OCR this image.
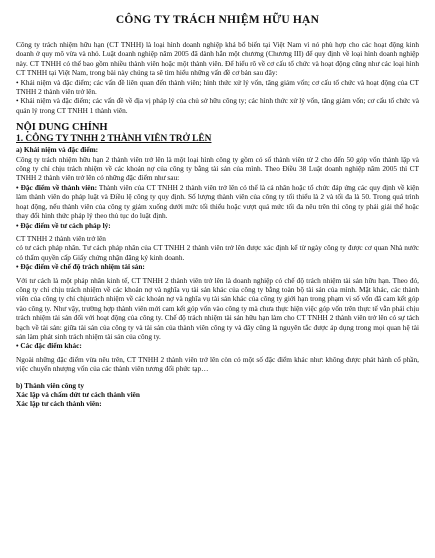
CÔNG TY TRÁCH NHIỆM HỮU HẠN

Công ty trách nhiệm hữu hạn (CT TNHH) là loại hình doanh nghiệp khá bổ biến tại Việt Nam vì nó phù hợp cho các hoạt động kinh doanh ở quy mô vừa và nhỏ. Luật doanh nghiệp năm 2005 đã dành hẳn một chương (Chương III) để quy định về loại hình doanh nghiệp này. CT TNHH có thể bao gồm nhiều thành viên hoặc một thành viên. Để hiểu rõ về cơ cấu tổ chức và hoạt động cũng như các loại hình CT TNHH tại Việt Nam, trong bài này chúng ta sẽ tìm hiểu những vấn đề cơ bản sau đây:

• Khái niệm và đặc điểm; các vấn đề liên quan đến thành viên; hình thức xử lý vốn, tăng giảm vốn; cơ cấu tổ chức và hoạt động của CT TNHH 2 thành viên trở lên.

• Khái niệm và đặc điểm; các vấn đề về địa vị pháp lý của chủ sở hữu công ty; các hình thức xử lý vốn, tăng giảm vốn; cơ cấu tổ chức và quản lý trong CT TNHH 1 thành viên.

NỘI DUNG CHÍNH
1. CÔNG TY TNHH 2 THÀNH VIÊN TRỞ LÊN

a) Khái niệm và đặc điểm:

Công ty trách nhiệm hữu hạn 2 thành viên trở lên là một loại hình công ty gồm có số thành viên từ 2 cho đến 50 góp vốn thành lập và công ty chỉ chịu trách nhiệm về các khoản nợ của công ty bằng tài sản của mình. Theo Điều 38 Luật doanh nghiệp năm 2005 thì CT TNHH 2 thành viên trở lên có những đặc điểm như sau:

• Đặc điểm về thành viên: Thành viên của CT TNHH 2 thành viên trở lên có thể là cá nhân hoặc tổ chức đáp ứng các quy định về kiện làm thành viên do pháp luật và Điều lệ công ty quy định. Số lượng thành viên của công ty tối thiểu là 2 và tối đa là 50. Trong quá trình hoạt động, nếu thành viên của công ty giảm xuống dưới mức tối thiểu hoặc vượt quá mức tối đa nêu trên thì công ty phải giải thể hoặc thay đổi hình thức pháp lý theo thủ tục do luật định.

• Đặc điểm về tư cách pháp lý:

CT TNHH 2 thành viên trở lên

có tư cách pháp nhân. Tư cách pháp nhân của CT TNHH 2 thành viên trở lên được xác định kể từ ngày công ty được cơ quan Nhà nước có thẩm quyền cấp Giấy chứng nhận đăng ký kinh doanh.

• Đặc điểm về chế độ trách nhiệm tài sản:

Với tư cách là một pháp nhân kinh tế, CT TNHH 2 thành viên trở lên là doanh nghiệp có chế độ trách nhiệm tài sản hữu hạn. Theo đó, công ty chỉ chịu trách nhiệm về các khoản nợ và nghĩa vụ tài sản khác của công ty bằng toàn bộ tài sản của mình. Mặt khác, các thành viên của công ty chỉ chịutrách nhiệm về các khoản nợ và nghĩa vụ tài sản khác của công ty giới hạn trong phạm vi số vốn đã cam kết góp vào công ty. Như vậy, trường hợp thành viên mới cam kết góp vốn vào công ty mà chưa thực hiện việc góp vốn trên thực tế vẫn phải chịu trách nhiệm tài sản đối với hoạt động của công ty. Chế độ trách nhiệm tài sản hữu hạn làm cho CT TNHH 2 thành viên trở lên có sự tách bạch về tài sản: giữa tài sản của công ty và tài sản của thành viên công ty và đây cũng là nguyên tắc được áp dụng trong mọi quan hệ tài sản làm phát sinh trách nhiệm tài sản của công ty.

• Các đặc điểm khác:

Ngoài những đặc điểm vừa nêu trên, CT TNHH 2 thành viên trở lên còn có một số đặc điểm khác như: không được phát hành cổ phần, việc chuyển nhượng vốn của các thành viên tương đối phức tạp…

b) Thành viên công ty

Xác lập và chấm dứt tư cách thành viên

Xác lập tư cách thành viên:
